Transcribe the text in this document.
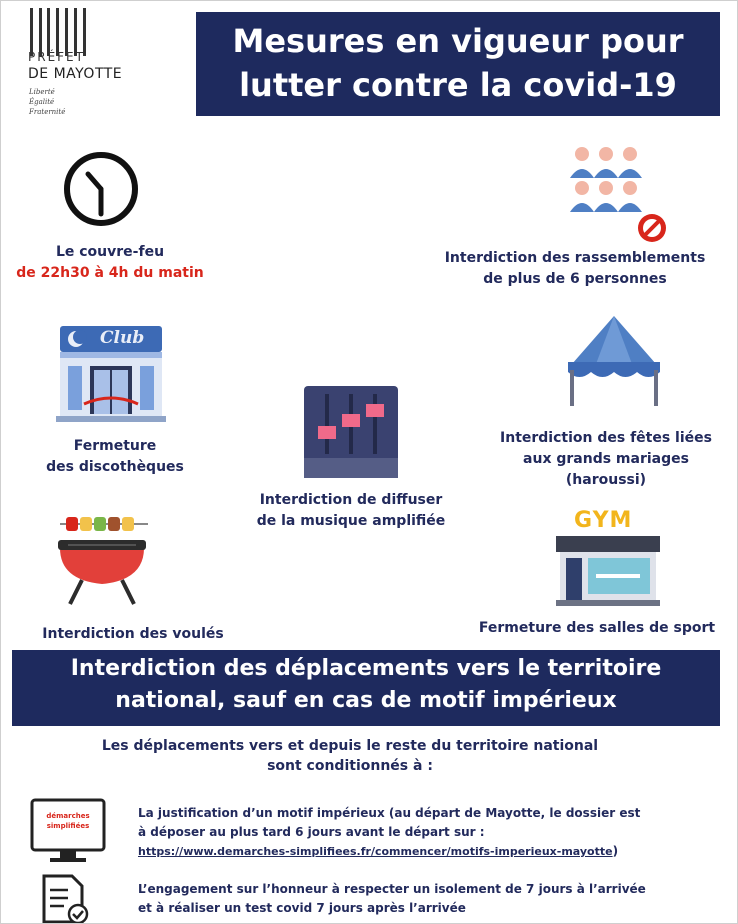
PRÉFET
DE MAYOTTE
Liberté
Égalité
Fraternité
Mesures en vigueur pour
lutter contre la covid-19
Le couvre-feu
de 22h30 à 4h du matin
Interdiction des rassemblements
de plus de 6 personnes
Club
Fermeture
des discothèques
Interdiction de diffuser
de la musique amplifiée
Interdiction des fêtes liées
aux grands mariages
(haroussi)
Interdiction des voulés
GYM
Fermeture des salles de sport
Interdiction des déplacements vers le territoire
national, sauf en cas de motif impérieux
Les déplacements vers et depuis le reste du territoire national
sont conditionnés à :
démarches
simplifiées
La justification d’un motif impérieux (au départ de Mayotte, le dossier est
à déposer au plus tard 6 jours avant le départ sur :
https://www.demarches-simplifiees.fr/commencer/motifs-imperieux-mayotte)
L’engagement sur l’honneur à respecter un isolement de 7 jours à l’arrivée
et à réaliser un test covid 7 jours après l’arrivée
